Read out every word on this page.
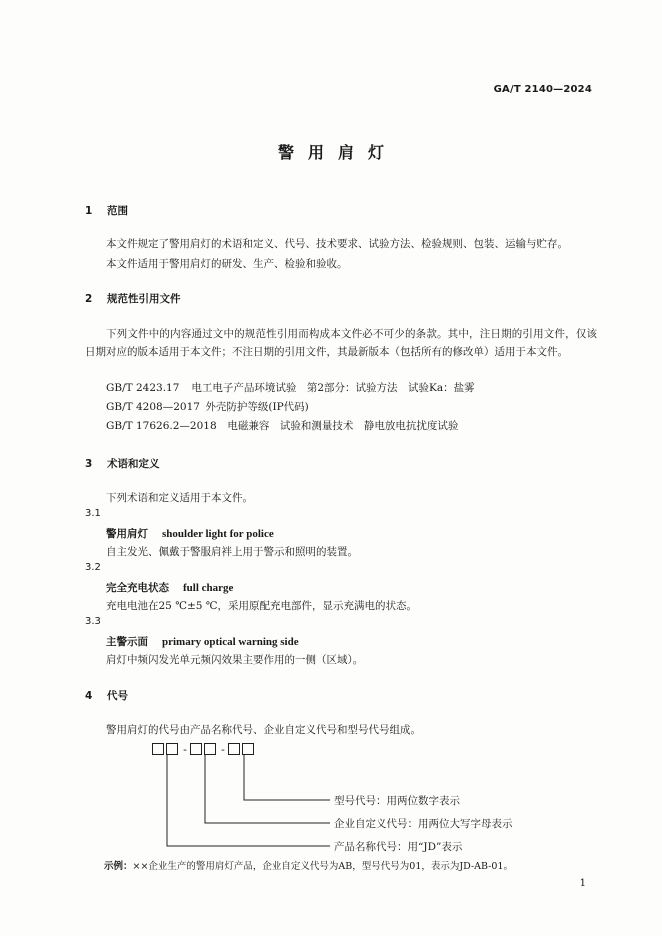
GA/T 2140—2024
警用肩灯
1 范围
本文件规定了警用肩灯的术语和定义、代号、技术要求、试验方法、检验规则、包装、运输与贮存。
本文件适用于警用肩灯的研发、生产、检验和验收。
2 规范性引用文件
下列文件中的内容通过文中的规范性引用而构成本文件必不可少的条款。其中，注日期的引用文件，仅该日期对应的版本适用于本文件；不注日期的引用文件，其最新版本（包括所有的修改单）适用于本文件。
GB/T 2423.17 电工电子产品环境试验　第2部分：试验方法　试验Ka：盐雾
GB/T 4208—2017 外壳防护等级(IP代码)
GB/T 17626.2—2018 电磁兼容　试验和测量技术　静电放电抗扰度试验
3 术语和定义
下列术语和定义适用于本文件。
3.1
警用肩灯 shoulder light for police
自主发光、佩戴于警服肩袢上用于警示和照明的装置。
3.2
完全充电状态 full charge
充电电池在25 ℃±5 ℃，采用原配充电部件，显示充满电的状态。
3.3
主警示面 primary optical warning side
肩灯中频闪发光单元频闪效果主要作用的一侧（区域）。
4 代号
警用肩灯的代号由产品名称代号、企业自定义代号和型号代号组成。
-	-
型号代号：用两位数字表示
企业自定义代号：用两位大写字母表示
产品名称代号：用“JD”表示
示例：××企业生产的警用肩灯产品，企业自定义代号为AB，型号代号为01，表示为JD-AB-01。
1
